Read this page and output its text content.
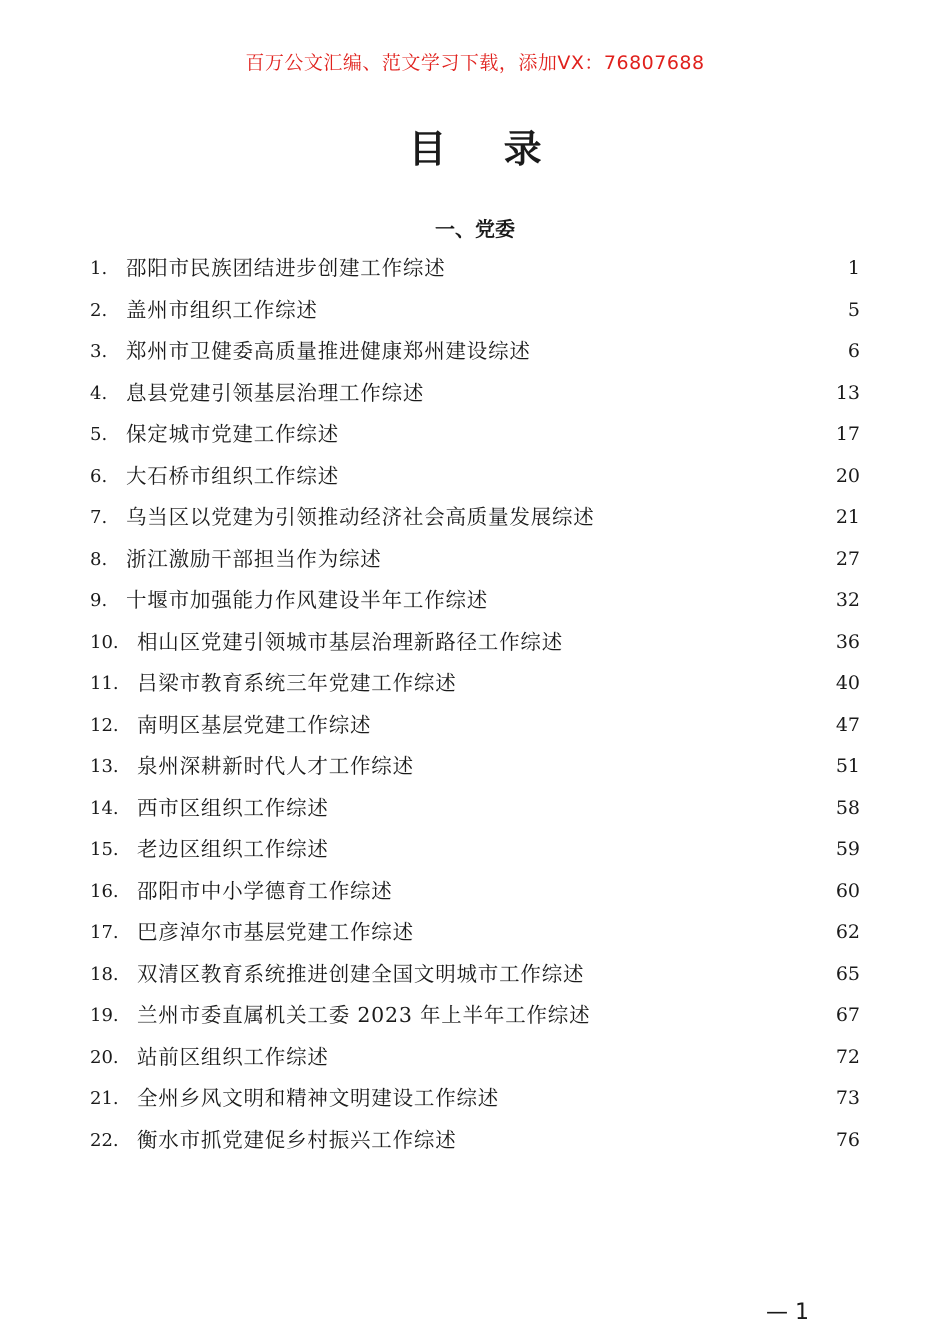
百万公文汇编、范文学习下载，添加VX：76807688
目 录
一、党委
1. 邵阳市民族团结进步创建工作综述	1
2. 盖州市组织工作综述	5
3. 郑州市卫健委高质量推进健康郑州建设综述	6
4. 息县党建引领基层治理工作综述	13
5. 保定城市党建工作综述	17
6. 大石桥市组织工作综述	20
7. 乌当区以党建为引领推动经济社会高质量发展综述	21
8. 浙江激励干部担当作为综述	27
9. 十堰市加强能力作风建设半年工作综述	32
10. 相山区党建引领城市基层治理新路径工作综述	36
11. 吕梁市教育系统三年党建工作综述	40
12. 南明区基层党建工作综述	47
13. 泉州深耕新时代人才工作综述	51
14. 西市区组织工作综述	58
15. 老边区组织工作综述	59
16. 邵阳市中小学德育工作综述	60
17. 巴彦淖尔市基层党建工作综述	62
18. 双清区教育系统推进创建全国文明城市工作综述	65
19. 兰州市委直属机关工委 2023 年上半年工作综述	67
20. 站前区组织工作综述	72
21. 全州乡风文明和精神文明建设工作综述	73
22. 衡水市抓党建促乡村振兴工作综述	76
— 1
